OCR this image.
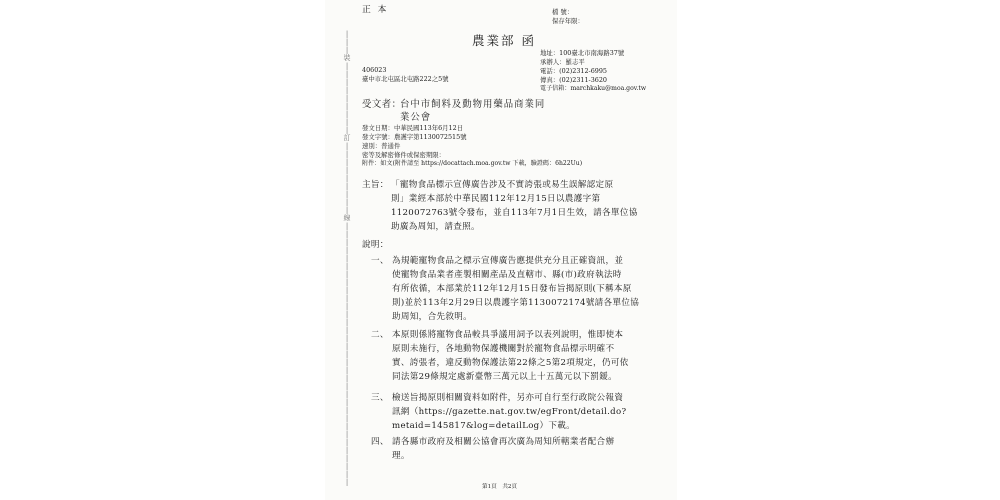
|
|
|
裝
|
|
|
|
|
|
|
|
|
訂
|
|
|
|
|
|
|
|
|
線
|
|
|
|
|
|
|
|
|
|
|
|
|
|
|
|
|
|
|
|
|
|
|
|
|
|
|
|
|
|
|
|
|
正 本	檔 號：
保存年限：
農業部 函
406023
臺中市北屯區北屯路222之5號
地址：100臺北市南海路37號
承辦人：羅志平
電話：(02)2312-6995
傳真：(02)2311-3620
電子信箱：marchkaku@moa.gov.tw
受文者：
台中市飼料及動物用藥品商業同
業公會
發文日期：中華民國113年6月12日
發文字號：農護字第1130072515號
速別：普通件
密等及解密條件或保密期限：
附件：如文(附件請至 https://docattach.moa.gov.tw 下載，驗證碼：6h22Uu)
主旨： 「寵物食品標示宣傳廣告涉及不實誇張或易生誤解認定原
則」業經本部於中華民國112年12月15日以農護字第
1120072763號令發布，並自113年7月1日生效，請各單位協
助廣為周知，請查照。
說明：
一、 為規範寵物食品之標示宣傳廣告應提供充分且正確資訊，並
使寵物食品業者產製相關產品及直轄市、縣(市)政府執法時
有所依循，本部業於112年12月15日發布旨揭原則(下稱本原
則)並於113年2月29日以農護字第1130072174號請各單位協
助周知，合先敘明。
二、 本原則係將寵物食品較具爭議用詞予以表列說明，惟即使本
原則未施行，各地動物保護機關對於寵物食品標示明確不
實、誇張者，違反動物保護法第22條之5第2項規定，仍可依
同法第29條規定處新臺幣三萬元以上十五萬元以下罰鍰。
三、 檢送旨揭原則相關資料如附件，另亦可自行至行政院公報資
訊網（https://gazette.nat.gov.tw/egFront/detail.do?
metaid=145817&log=detailLog）下載。
四、 請各縣市政府及相關公協會再次廣為周知所轄業者配合辦
理。
第1頁　共2頁
